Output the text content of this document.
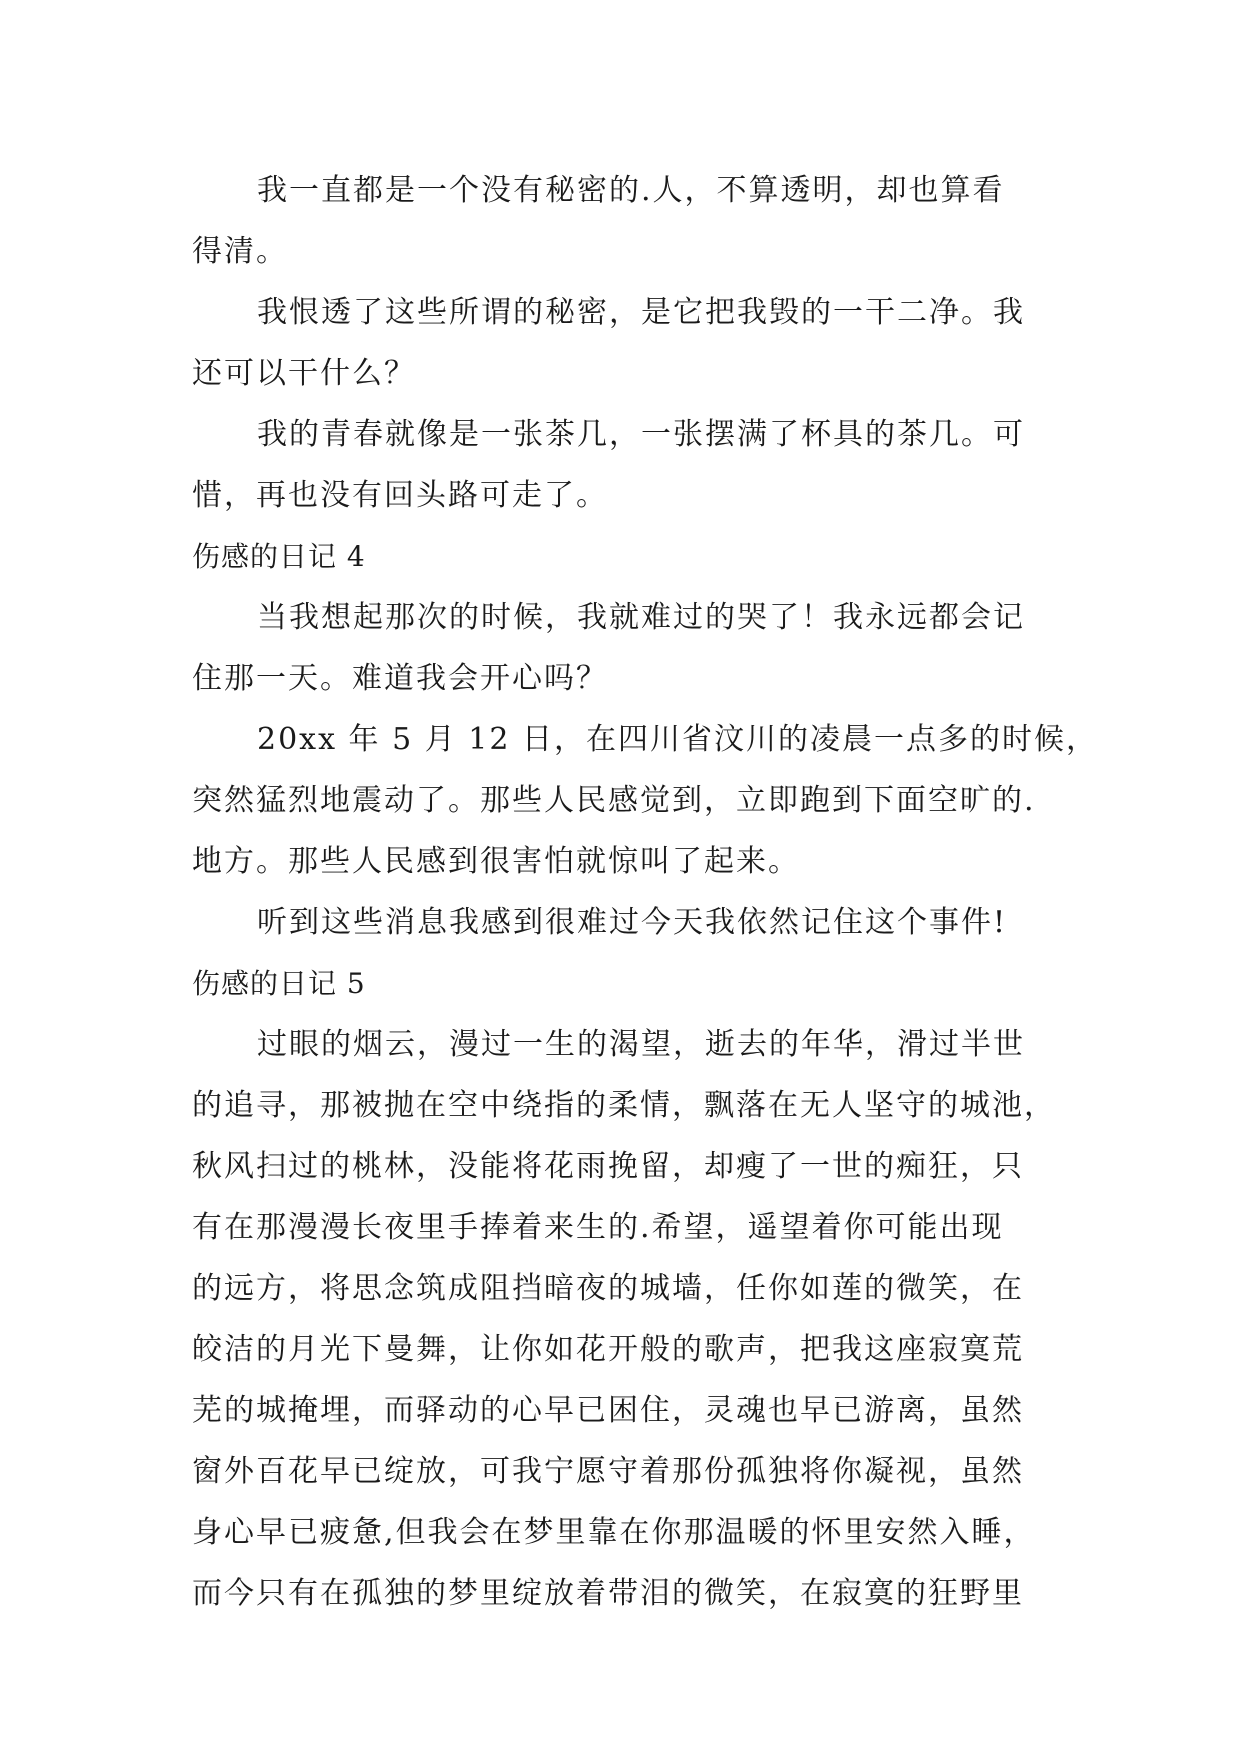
我一直都是一个没有秘密的.人，不算透明，却也算看
得清。
我恨透了这些所谓的秘密，是它把我毁的一干二净。我
还可以干什么？
我的青春就像是一张茶几，一张摆满了杯具的茶几。可
惜，再也没有回头路可走了。
伤感的日记 4
当我想起那次的时候，我就难过的哭了！我永远都会记
住那一天。难道我会开心吗？
20xx 年 5 月 12 日，在四川省汶川的凌晨一点多的时候，
突然猛烈地震动了。那些人民感觉到，立即跑到下面空旷的.
地方。那些人民感到很害怕就惊叫了起来。
听到这些消息我感到很难过今天我依然记住这个事件!
伤感的日记 5
过眼的烟云，漫过一生的渴望，逝去的年华，滑过半世
的追寻，那被抛在空中绕指的柔情，飘落在无人坚守的城池，
秋风扫过的桃林，没能将花雨挽留，却瘦了一世的痴狂，只
有在那漫漫长夜里手捧着来生的.希望，遥望着你可能出现
的远方，将思念筑成阻挡暗夜的城墙，任你如莲的微笑，在
皎洁的月光下曼舞，让你如花开般的歌声，把我这座寂寞荒
芜的城掩埋，而驿动的心早已困住，灵魂也早已游离，虽然
窗外百花早已绽放，可我宁愿守着那份孤独将你凝视，虽然
身心早已疲惫,但我会在梦里靠在你那温暖的怀里安然入睡，
而今只有在孤独的梦里绽放着带泪的微笑，在寂寞的狂野里
